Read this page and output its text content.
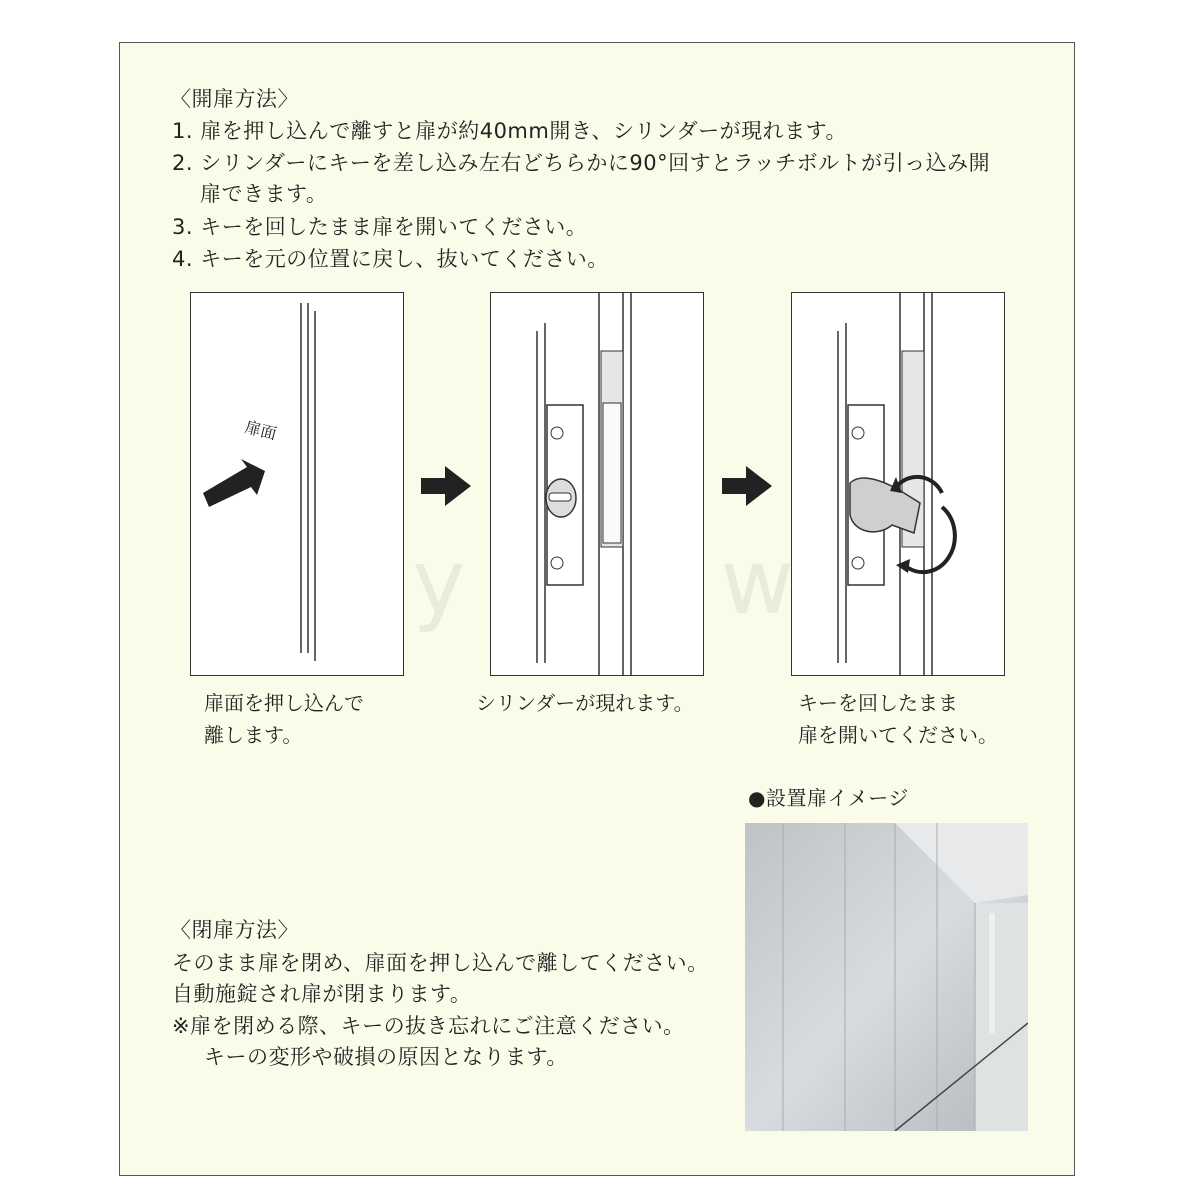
town
〈開扉方法〉
1. 扉を押し込んで離すと扉が約40mm開き、シリンダーが現れます。
2. シリンダーにキーを差し込み左右どちらかに90°回すとラッチボルトが引っ込み開
扉できます。
3. キーを回したまま扉を開いてください。
4. キーを元の位置に戻し、抜いてください。
扉面
扉面を押し込んで
離します。
シリンダーが現れます。	キーを回したまま
扉を開いてください。
●設置扉イメージ
〈閉扉方法〉
そのまま扉を閉め、扉面を押し込んで離してください。
自動施錠され扉が閉まります。
※扉を閉める際、キーの抜き忘れにご注意ください。
キーの変形や破損の原因となります。
